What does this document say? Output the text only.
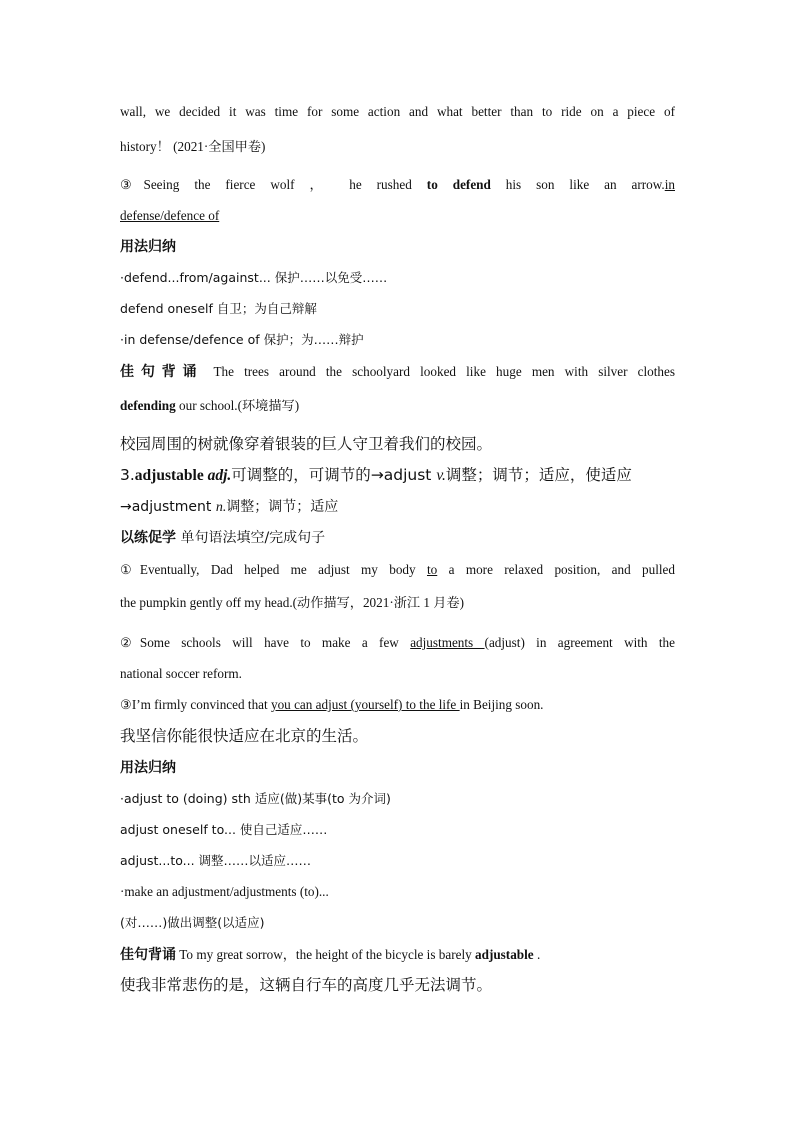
wall, we decided it was time for some action and what better than to ride on a piece of
history！ (2021·全国甲卷)
③Seeing the fierce wolf ， he rushed to defend his son like an arrow.in
defense/defence of
用法归纳
·defend...from/against... 保护……以免受……
defend oneself 自卫；为自己辩解
·in defense/defence of 保护；为……辩护
佳句背诵 The trees around the schoolyard looked like huge men with silver clothes
defending our school.(环境描写)
校园周围的树就像穿着银装的巨人守卫着我们的校园。
3.adjustable adj.可调整的，可调节的→adjust v.调整；调节；适应，使适应
→adjustment n.调整；调节；适应
以练促学 单句语法填空/完成句子
①Eventually, Dad helped me adjust my body to a more relaxed position, and pulled
the pumpkin gently off my head.(动作描写，2021·浙江 1 月卷)
②Some schools will have to make a few adjustments (adjust) in agreement with the
national soccer reform.
③I’m firmly convinced that you can adjust (yourself) to the life in Beijing soon.
我坚信你能很快适应在北京的生活。
用法归纳
·adjust to (doing) sth 适应(做)某事(to 为介词)
adjust oneself to... 使自己适应……
adjust...to... 调整……以适应……
·make an adjustment/adjustments (to)...
(对……)做出调整(以适应)
佳句背诵 To my great sorrow，the height of the bicycle is barely adjustable .
使我非常悲伤的是，这辆自行车的高度几乎无法调节。
